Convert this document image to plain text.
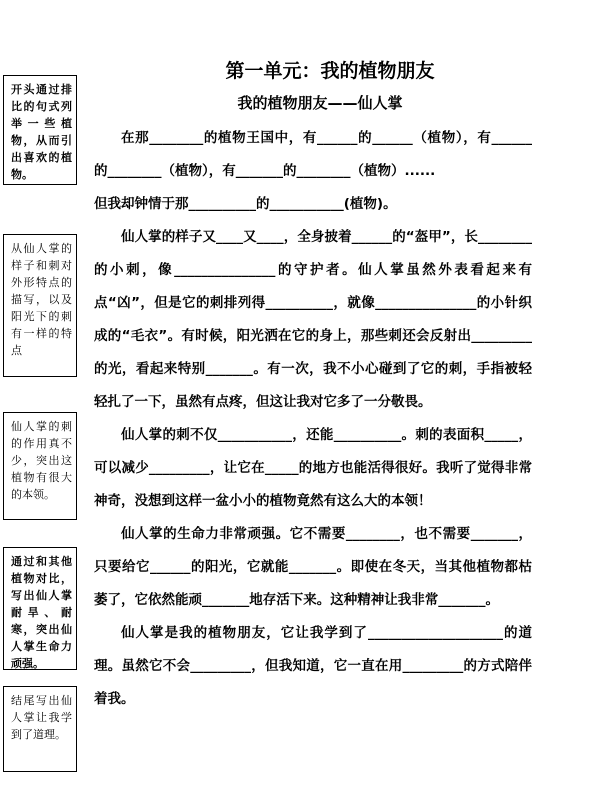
开头通过排比的句式列举一些植物，从而引出喜欢的植物。
从仙人掌的样子和刺对外形特点的描写，以及阳光下的刺有一样的特点
仙人掌的刺的作用真不少，突出这植物有很大的本领。
通过和其他植物对比，写出仙人掌耐旱、耐寒，突出仙人掌生命力顽强。
结尾写出仙人掌让我学到了道理。
第一单元：我的植物朋友
我的植物朋友——仙人掌

在那________的植物王国中，有______的______（植物），有______的________（植物），有_______的________（植物）......

但我却钟情于那__________的___________(植物)。

仙人掌的样子又____又____，全身披着______的“盔甲”，长________的小刺，像_______________的守护者。仙人掌虽然外表看起来有点“凶”，但是它的刺排列得__________，就像_______________的小针织成的“毛衣”。有时候，阳光洒在它的身上，那些刺还会反射出_________的光，看起来特别_______。有一次，我不小心碰到了它的刺，手指被轻轻扎了一下，虽然有点疼，但这让我对它多了一分敬畏。

仙人掌的刺不仅___________，还能__________。刺的表面积_____，可以减少_________，让它在_____的地方也能活得很好。我听了觉得非常神奇，没想到这样一盆小小的植物竟然有这么大的本领！

仙人掌的生命力非常顽强。它不需要________，也不需要_______，只要给它______的阳光，它就能_______。即使在冬天，当其他植物都枯萎了，它依然能顽_______地存活下来。这种精神让我非常_______。

仙人掌是我的植物朋友，它让我学到了____________________的道理。虽然它不会_________，但我知道，它一直在用_________的方式陪伴着我。
